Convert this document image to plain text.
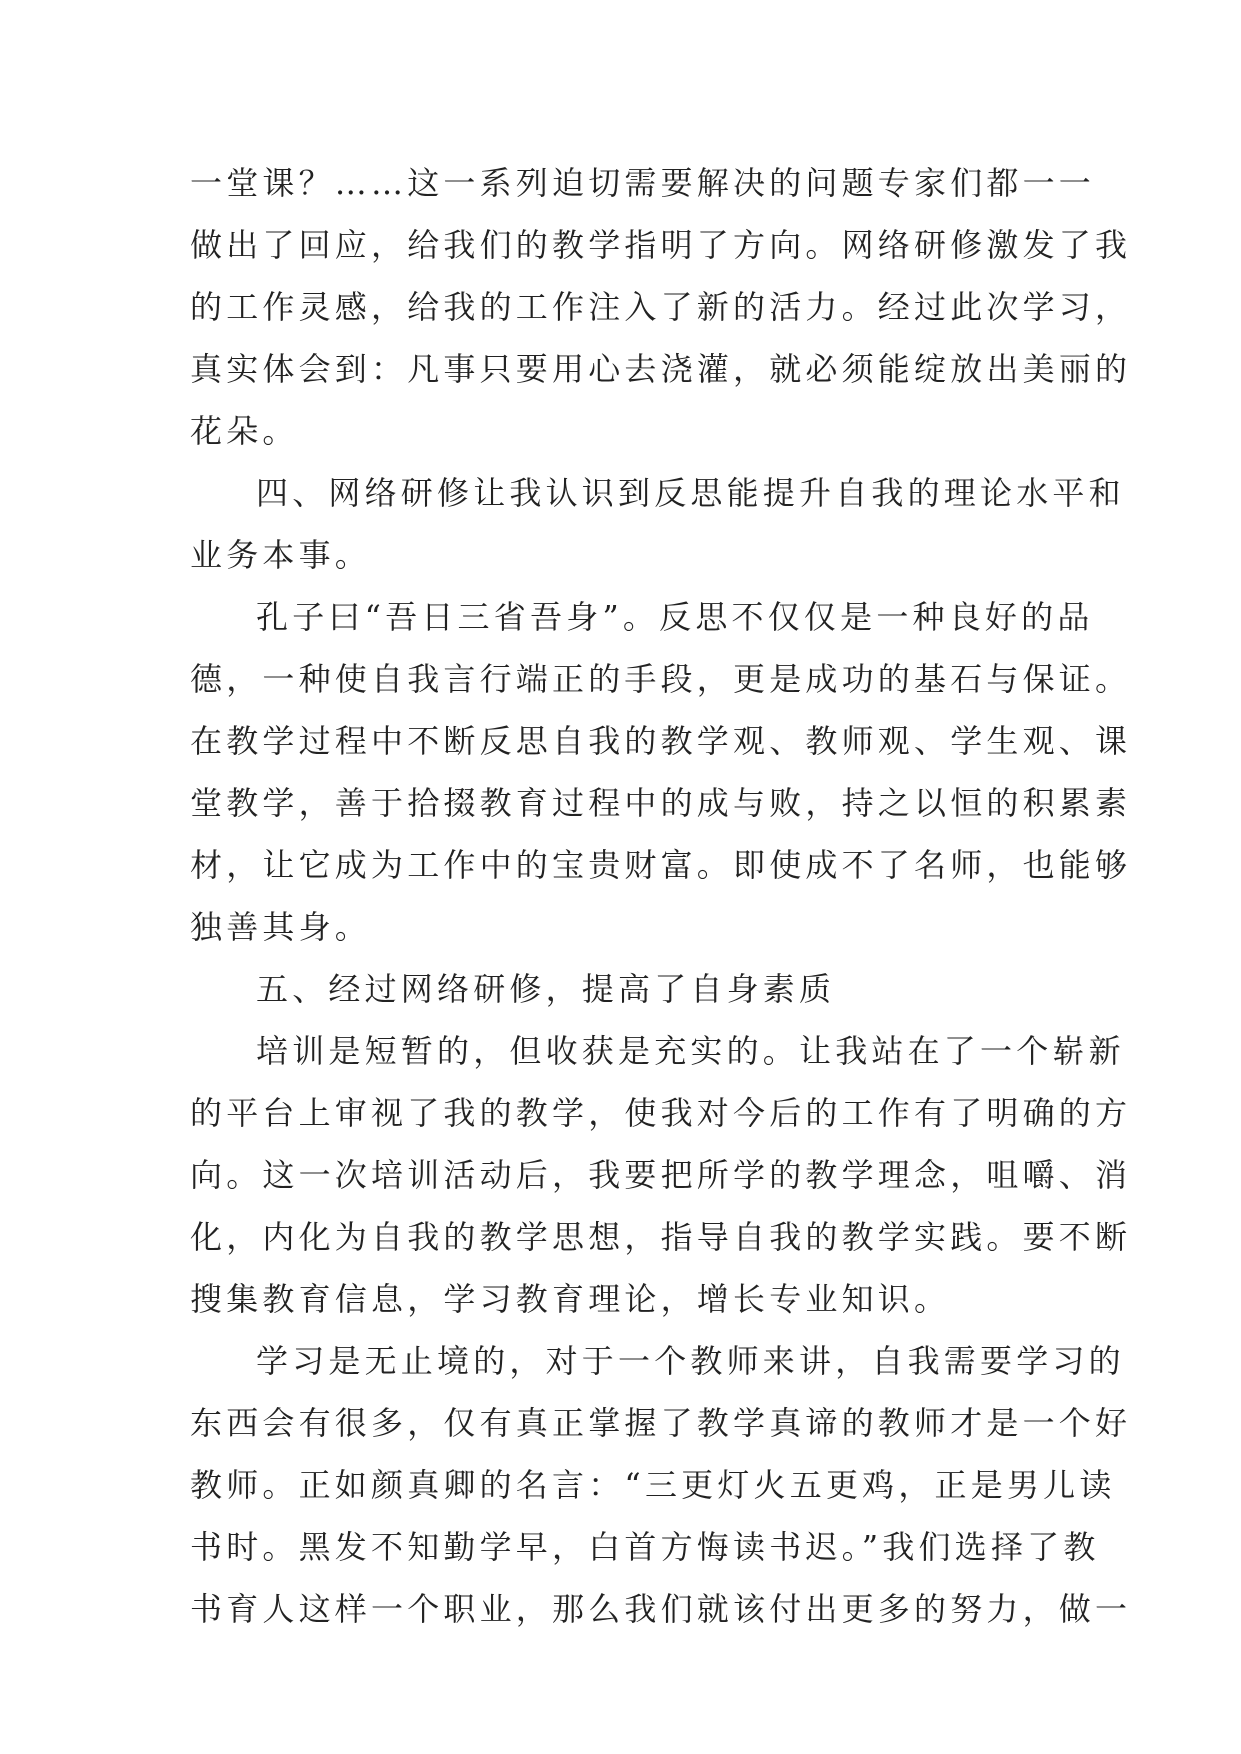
一堂课？……这一系列迫切需要解决的问题专家们都一一
做出了回应，给我们的教学指明了方向。网络研修激发了我
的工作灵感，给我的工作注入了新的活力。经过此次学习，
真实体会到：凡事只要用心去浇灌，就必须能绽放出美丽的
花朵。
四、网络研修让我认识到反思能提升自我的理论水平和
业务本事。
孔子曰“吾日三省吾身”。反思不仅仅是一种良好的品
德，一种使自我言行端正的手段，更是成功的基石与保证。
在教学过程中不断反思自我的教学观、教师观、学生观、课
堂教学，善于拾掇教育过程中的成与败，持之以恒的积累素
材，让它成为工作中的宝贵财富。即使成不了名师，也能够
独善其身。
五、经过网络研修，提高了自身素质
培训是短暂的，但收获是充实的。让我站在了一个崭新
的平台上审视了我的教学，使我对今后的工作有了明确的方
向。这一次培训活动后，我要把所学的教学理念，咀嚼、消
化，内化为自我的教学思想，指导自我的教学实践。要不断
搜集教育信息，学习教育理论，增长专业知识。
学习是无止境的，对于一个教师来讲，自我需要学习的
东西会有很多，仅有真正掌握了教学真谛的教师才是一个好
教师。正如颜真卿的名言：“三更灯火五更鸡，正是男儿读
书时。黑发不知勤学早，白首方悔读书迟。”我们选择了教
书育人这样一个职业，那么我们就该付出更多的努力，做一
